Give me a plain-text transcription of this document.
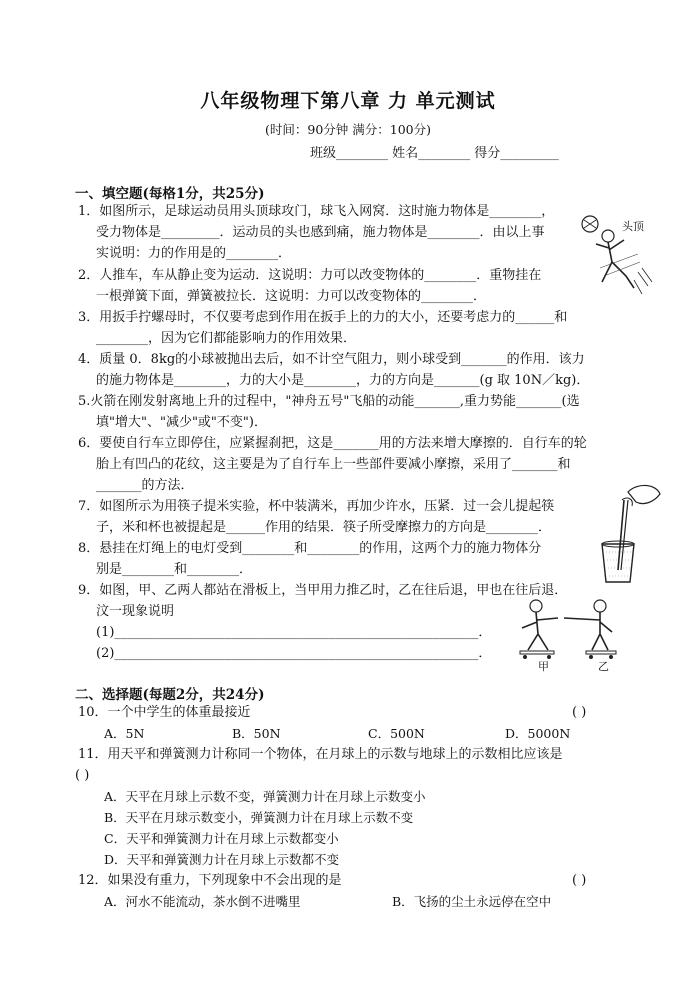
八年级物理下第八章 力 单元测试
(时间：90分钟 满分：100分)
班级________ 姓名________ 得分_________
一、填空题(每格1分，共25分)
1．如图所示，足球运动员用头顶球攻门，球飞入网窝．这时施力物体是________，
受力物体是_________．运动员的头也感到痛，施力物体是________．由以上事
实说明：力的作用是的________．
2．人推车，车从静止变为运动．这说明：力可以改变物体的________．重物挂在
一根弹簧下面，弹簧被拉长．这说明：力可以改变物体的________．
3．用扳手拧螺母时，不仅要考虑到作用在扳手上的力的大小，还要考虑力的______和
________，因为它们都能影响力的作用效果．
4．质量 0．8kg的小球被抛出去后，如不计空气阻力，则小球受到_______的作用．该力
的施力物体是________，力的大小是________，力的方向是_______(g 取 10N／kg)．
5.火箭在刚发射离地上升的过程中，"神舟五号"飞船的动能_______,重力势能_______(选
填"增大"、"减少"或"不变")．
6．要使自行车立即停住，应紧握刹把，这是_______用的方法来增大摩擦的．自行车的轮
胎上有凹凸的花纹，这主要是为了自行车上一些部件要减小摩擦，采用了_______和
_______的方法．
7．如图所示为用筷子提米实验，杯中装满米，再加少许水，压紧．过一会儿提起筷
子，米和杯也被提起是______作用的结果．筷子所受摩擦力的方向是________．
8．悬挂在灯绳上的电灯受到________和________的作用，这两个力的施力物体分
别是________和________．
9．如图，甲、乙两人都站在滑板上，当甲用力推乙时，乙在往后退，甲也在往后退．
汶一现象说明
(1)________________________________________________________．
(2)________________________________________________________．
二、选择题(每题2分，共24分)
10．一个中学生的体重最接近	( )
A．5N	B．50N	C．500N	D．5000N
11．用天平和弹簧测力计称同一个物体，在月球上的示数与地球上的示数相比应该是
( )
A．天平在月球上示数不变，弹簧测力计在月球上示数变小
B．天平在月球示数变小，弹簧测力计在月球上示数不变
C．天平和弹簧测力计在月球上示数都变小
D．天平和弹簧测力计在月球上示数都不变
12．如果没有重力，下列现象中不会出现的是	( )
A．河水不能流动，茶水倒不进嘴里	B．飞扬的尘土永远停在空中
头顶
甲	乙
